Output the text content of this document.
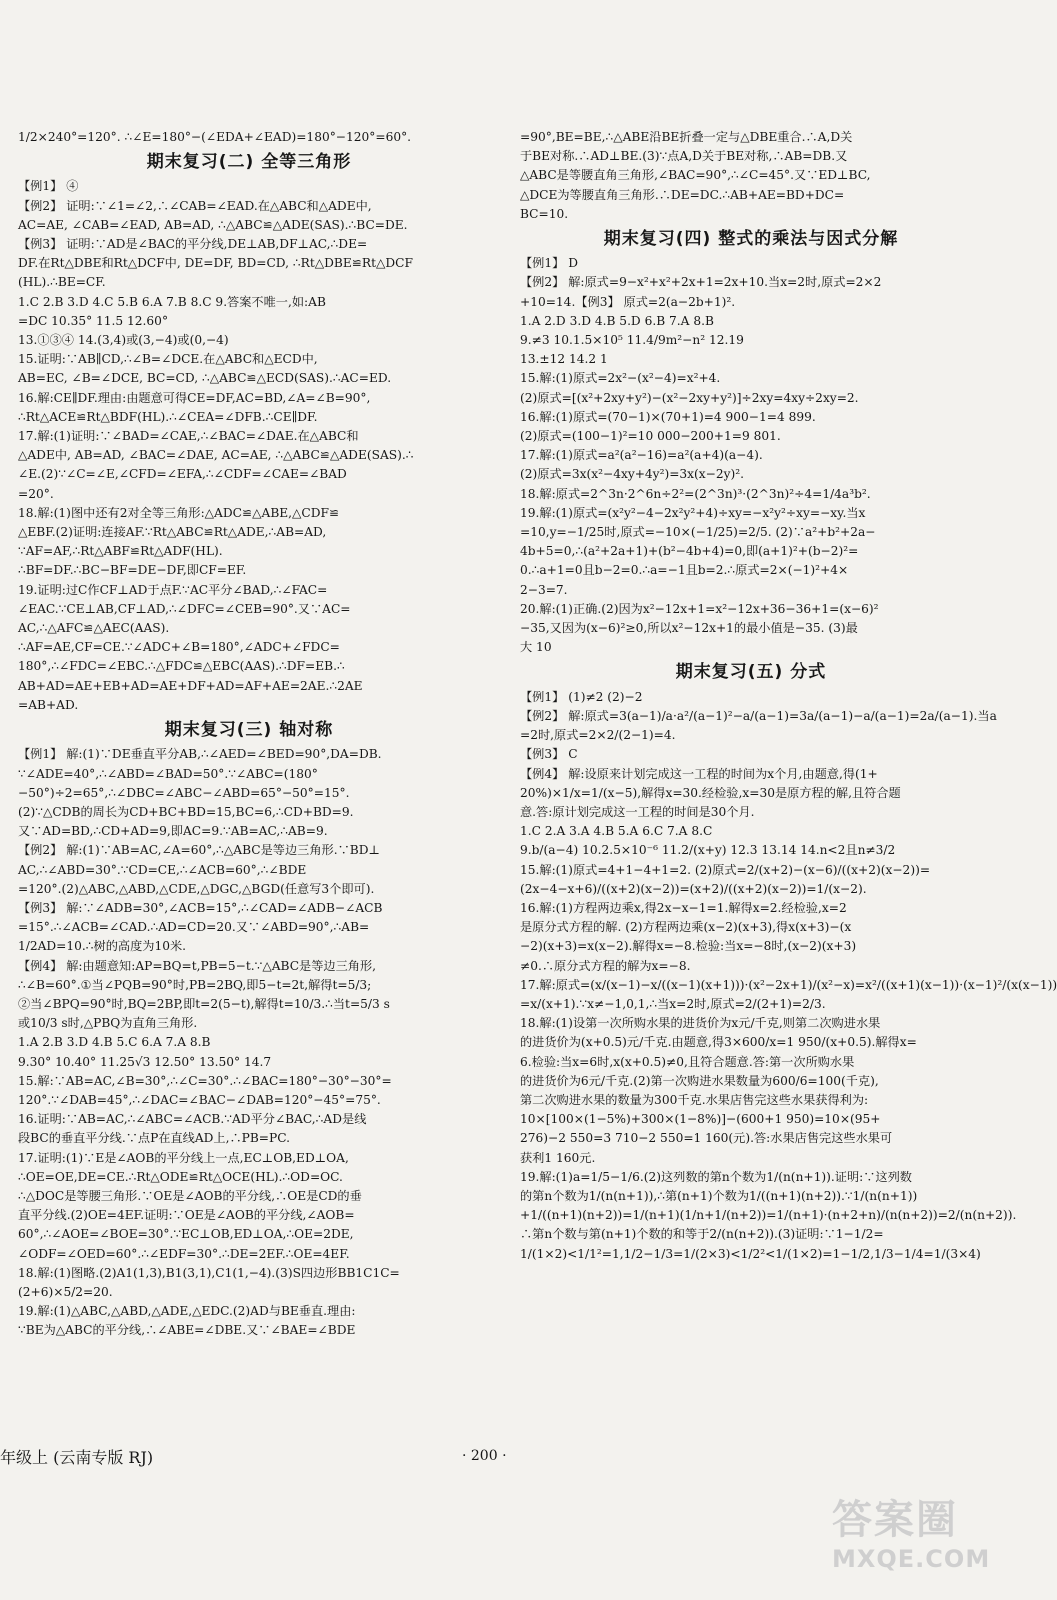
1/2×240°=120°. ∴∠E=180°−(∠EDA+∠EAD)=180°−120°=60°.
期末复习(二) 全等三角形
【例1】 ④
【例2】 证明:∵∠1=∠2,∴∠CAB=∠EAD.在△ABC和△ADE中,
AC=AE, ∠CAB=∠EAD, AB=AD, ∴△ABC≌△ADE(SAS).∴BC=DE.
【例3】 证明:∵AD是∠BAC的平分线,DE⊥AB,DF⊥AC,∴DE=
DF.在Rt△DBE和Rt△DCF中, DE=DF, BD=CD, ∴Rt△DBE≌Rt△DCF
(HL).∴BE=CF.
1.C 2.B 3.D 4.C 5.B 6.A 7.B 8.C 9.答案不唯一,如:AB
=DC 10.35° 11.5 12.60°
13.①③④ 14.(3,4)或(3,−4)或(0,−4)
15.证明:∵AB∥CD,∴∠B=∠DCE.在△ABC和△ECD中,
AB=EC, ∠B=∠DCE, BC=CD, ∴△ABC≌△ECD(SAS).∴AC=ED.
16.解:CE∥DF.理由:由题意可得CE=DF,AC=BD,∠A=∠B=90°,
∴Rt△ACE≌Rt△BDF(HL).∴∠CEA=∠DFB.∴CE∥DF.
17.解:(1)证明:∵∠BAD=∠CAE,∴∠BAC=∠DAE.在△ABC和
△ADE中, AB=AD, ∠BAC=∠DAE, AC=AE, ∴△ABC≌△ADE(SAS).∴
∠E.(2)∵∠C=∠E,∠CFD=∠EFA,∴∠CDF=∠CAE=∠BAD
=20°.
18.解:(1)图中还有2对全等三角形:△ADC≌△ABE,△CDF≌
△EBF.(2)证明:连接AF.∵Rt△ABC≌Rt△ADE,∴AB=AD,
∵AF=AF,∴Rt△ABF≌Rt△ADF(HL).
∴BF=DF.∴BC−BF=DE−DF,即CF=EF.
19.证明:过C作CF⊥AD于点F.∵AC平分∠BAD,∴∠FAC=
∠EAC.∵CE⊥AB,CF⊥AD,∴∠DFC=∠CEB=90°.又∵AC=
AC,∴△AFC≌△AEC(AAS).
∴AF=AE,CF=CE.∵∠ADC+∠B=180°,∠ADC+∠FDC=
180°,∴∠FDC=∠EBC.∴△FDC≌△EBC(AAS).∴DF=EB.∴
AB+AD=AE+EB+AD=AE+DF+AD=AF+AE=2AE.∴2AE
=AB+AD.
期末复习(三) 轴对称
【例1】 解:(1)∵DE垂直平分AB,∴∠AED=∠BED=90°,DA=DB.
∵∠ADE=40°,∴∠ABD=∠BAD=50°.∵∠ABC=(180°
−50°)÷2=65°,∴∠DBC=∠ABC−∠ABD=65°−50°=15°.
(2)∵△CDB的周长为CD+BC+BD=15,BC=6,∴CD+BD=9.
又∵AD=BD,∴CD+AD=9,即AC=9.∵AB=AC,∴AB=9.
【例2】 解:(1)∵AB=AC,∠A=60°,∴△ABC是等边三角形.∵BD⊥
AC,∴∠ABD=30°.∵CD=CE,∴∠ACB=60°,∴∠BDE
=120°.(2)△ABC,△ABD,△CDE,△DGC,△BGD(任意写3个即可).
【例3】 解:∵∠ADB=30°,∠ACB=15°,∴∠CAD=∠ADB−∠ACB
=15°.∴∠ACB=∠CAD.∴AD=CD=20.又∵∠ABD=90°,∴AB=
1/2AD=10.∴树的高度为10米.
【例4】 解:由题意知:AP=BQ=t,PB=5−t.∵△ABC是等边三角形,
∴∠B=60°.①当∠PQB=90°时,PB=2BQ,即5−t=2t,解得t=5/3;
②当∠BPQ=90°时,BQ=2BP,即t=2(5−t),解得t=10/3.∴当t=5/3 s
或10/3 s时,△PBQ为直角三角形.
1.A 2.B 3.D 4.B 5.C 6.A 7.A 8.B
9.30° 10.40° 11.25√3 12.50° 13.50° 14.7
15.解:∵AB=AC,∠B=30°,∴∠C=30°.∴∠BAC=180°−30°−30°=
120°.∵∠DAB=45°,∴∠DAC=∠BAC−∠DAB=120°−45°=75°.
16.证明:∵AB=AC,∴∠ABC=∠ACB.∵AD平分∠BAC,∴AD是线
段BC的垂直平分线.∵点P在直线AD上,∴PB=PC.
17.证明:(1)∵E是∠AOB的平分线上一点,EC⊥OB,ED⊥OA,
∴OE=OE,DE=CE.∴Rt△ODE≌Rt△OCE(HL).∴OD=OC.
∴△DOC是等腰三角形.∵OE是∠AOB的平分线,∴OE是CD的垂
直平分线.(2)OE=4EF.证明:∵OE是∠AOB的平分线,∠AOB=
60°,∴∠AOE=∠BOE=30°.∵EC⊥OB,ED⊥OA,∴OE=2DE,
∠ODF=∠OED=60°.∴∠EDF=30°.∴DE=2EF.∴OE=4EF.
18.解:(1)图略.(2)A1(1,3),B1(3,1),C1(1,−4).(3)S四边形BB1C1C=
(2+6)×5/2=20.
19.解:(1)△ABC,△ABD,△ADE,△EDC.(2)AD与BE垂直.理由:
∵BE为△ABC的平分线,∴∠ABE=∠DBE.又∵∠BAE=∠BDE
=90°,BE=BE,∴△ABE沿BE折叠一定与△DBE重合.∴A,D关
于BE对称.∴AD⊥BE.(3)∵点A,D关于BE对称,∴AB=DB.又
△ABC是等腰直角三角形,∠BAC=90°,∴∠C=45°.又∵ED⊥BC,
△DCE为等腰直角三角形.∴DE=DC.∴AB+AE=BD+DC=
BC=10.
期末复习(四) 整式的乘法与因式分解
【例1】 D
【例2】 解:原式=9−x²+x²+2x+1=2x+10.当x=2时,原式=2×2
+10=14.【例3】 原式=2(a−2b+1)².
1.A 2.D 3.D 4.B 5.D 6.B 7.A 8.B
9.≠3 10.1.5×10⁵ 11.4/9m²−n² 12.19
13.±12 14.2 1
15.解:(1)原式=2x²−(x²−4)=x²+4.
(2)原式=[(x²+2xy+y²)−(x²−2xy+y²)]÷2xy=4xy÷2xy=2.
16.解:(1)原式=(70−1)×(70+1)=4 900−1=4 899.
(2)原式=(100−1)²=10 000−200+1=9 801.
17.解:(1)原式=a²(a²−16)=a²(a+4)(a−4).
(2)原式=3x(x²−4xy+4y²)=3x(x−2y)².
18.解:原式=2^3n·2^6n÷2²=(2^3n)³·(2^3n)²÷4=1/4a³b².
19.解:(1)原式=(x²y²−4−2x²y²+4)÷xy=−x²y²÷xy=−xy.当x
=10,y=−1/25时,原式=−10×(−1/25)=2/5. (2)∵a²+b²+2a−
4b+5=0,∴(a²+2a+1)+(b²−4b+4)=0,即(a+1)²+(b−2)²=
0.∴a+1=0且b−2=0.∴a=−1且b=2.∴原式=2×(−1)²+4×
2−3=7.
20.解:(1)正确.(2)因为x²−12x+1=x²−12x+36−36+1=(x−6)²
−35,又因为(x−6)²≥0,所以x²−12x+1的最小值是−35. (3)最
大 10
期末复习(五) 分式
【例1】 (1)≠2 (2)−2
【例2】 解:原式=3(a−1)/a·a²/(a−1)²−a/(a−1)=3a/(a−1)−a/(a−1)=2a/(a−1).当a
=2时,原式=2×2/(2−1)=4.
【例3】 C
【例4】 解:设原来计划完成这一工程的时间为x个月,由题意,得(1+
20%)×1/x=1/(x−5),解得x=30.经检验,x=30是原方程的解,且符合题
意.答:原计划完成这一工程的时间是30个月.
1.C 2.A 3.A 4.B 5.A 6.C 7.A 8.C
9.b/(a−4) 10.2.5×10⁻⁶ 11.2/(x+y) 12.3 13.14 14.n<2且n≠3/2
15.解:(1)原式=4+1−4+1=2. (2)原式=2/(x+2)−(x−6)/((x+2)(x−2))=
(2x−4−x+6)/((x+2)(x−2))=(x+2)/((x+2)(x−2))=1/(x−2).
16.解:(1)方程两边乘x,得2x−x−1=1.解得x=2.经检验,x=2
是原分式方程的解. (2)方程两边乘(x−2)(x+3),得x(x+3)−(x
−2)(x+3)=x(x−2).解得x=−8.检验:当x=−8时,(x−2)(x+3)
≠0.∴原分式方程的解为x=−8.
17.解:原式=(x/(x−1)−x/((x−1)(x+1)))·(x²−2x+1)/(x²−x)=x²/((x+1)(x−1))·(x−1)²/(x(x−1))
=x/(x+1).∵x≠−1,0,1,∴当x=2时,原式=2/(2+1)=2/3.
18.解:(1)设第一次所购水果的进货价为x元/千克,则第二次购进水果
的进货价为(x+0.5)元/千克.由题意,得3×600/x=1 950/(x+0.5).解得x=
6.检验:当x=6时,x(x+0.5)≠0,且符合题意.答:第一次所购水果
的进货价为6元/千克.(2)第一次购进水果数量为600/6=100(千克),
第二次购进水果的数量为300千克.水果店售完这些水果获得利为:
10×[100×(1−5%)+300×(1−8%)]−(600+1 950)=10×(95+
276)−2 550=3 710−2 550=1 160(元).答:水果店售完这些水果可
获利1 160元.
19.解:(1)a=1/5−1/6.(2)这列数的第n个数为1/(n(n+1)).证明:∵这列数
的第n个数为1/(n(n+1)),∴第(n+1)个数为1/((n+1)(n+2)).∵1/(n(n+1))
+1/((n+1)(n+2))=1/(n+1)(1/n+1/(n+2))=1/(n+1)·(n+2+n)/(n(n+2))=2/(n(n+2)).
∴第n个数与第(n+1)个数的和等于2/(n(n+2)).(3)证明:∵1−1/2=
1/(1×2)<1/1²=1,1/2−1/3=1/(2×3)<1/2²<1/(1×2)=1−1/2,1/3−1/4=1/(3×4)
年级上 (云南专版 RJ)	· 200 ·
答案圈
MXQE.COM
